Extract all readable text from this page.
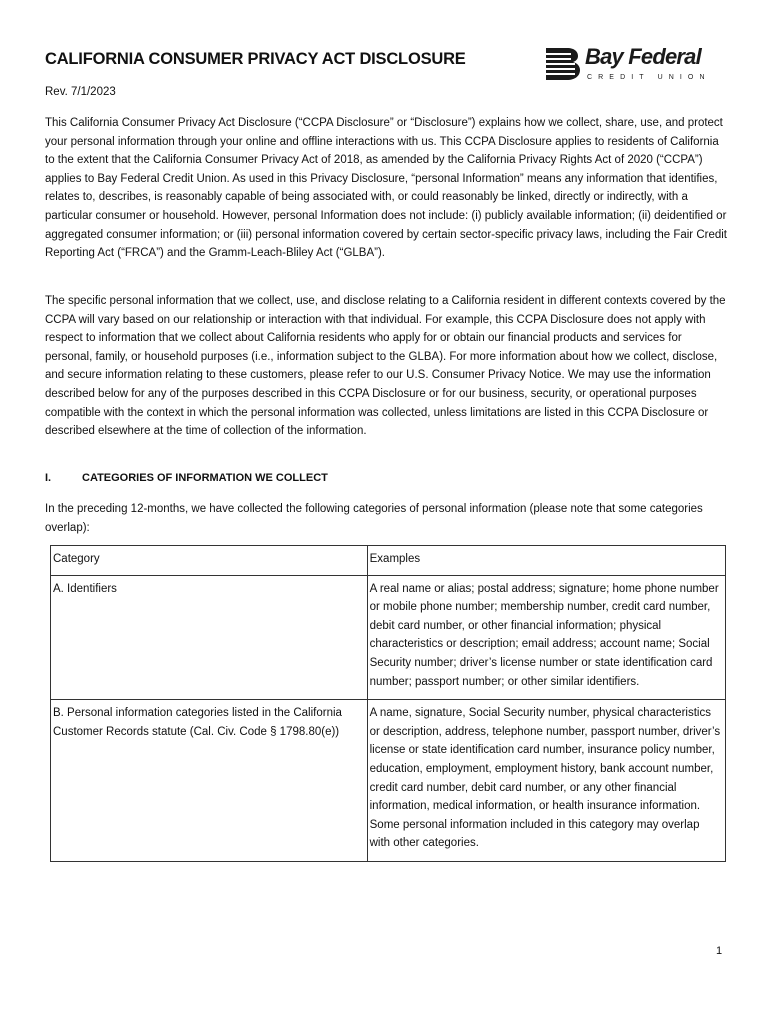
CALIFORNIA CONSUMER PRIVACY ACT DISCLOSURE
Rev. 7/1/2023
Bay Federal
CREDIT UNION

This California Consumer Privacy Act Disclosure (“CCPA Disclosure” or “Disclosure”) explains how we collect, share, use, and protect your personal information through your online and offline interactions with us. This CCPA Disclosure applies to residents of California to the extent that the California Consumer Privacy Act of 2018, as amended by the California Privacy Rights Act of 2020 (“CCPA”) applies to Bay Federal Credit Union. As used in this Privacy Disclosure, “personal Information” means any information that identifies, relates to, describes, is reasonably capable of being associated with, or could reasonably be linked, directly or indirectly, with a particular consumer or household. However, personal Information does not include: (i) publicly available information; (ii) deidentified or aggregated consumer information; or (iii) personal information covered by certain sector-specific privacy laws, including the Fair Credit Reporting Act (“FRCA”) and the Gramm-Leach-Bliley Act (“GLBA”).

The specific personal information that we collect, use, and disclose relating to a California resident in different contexts covered by the CCPA will vary based on our relationship or interaction with that individual. For example, this CCPA Disclosure does not apply with respect to information that we collect about California residents who apply for or obtain our financial products and services for personal, family, or household purposes (i.e., information subject to the GLBA). For more information about how we collect, disclose, and secure information relating to these customers, please refer to our U.S. Consumer Privacy Notice. We may use the information described below for any of the purposes described in this CCPA Disclosure or for our business, security, or operational purposes compatible with the context in which the personal information was collected, unless limitations are listed in this CCPA Disclosure or described elsewhere at the time of collection of the information.

I.	CATEGORIES OF INFORMATION WE COLLECT

In the preceding 12-months, we have collected the following categories of personal information (please note that some categories overlap):

Category	Examples
A. Identifiers	A real name or alias; postal address; signature; home phone number or mobile phone number; membership number, credit card number, debit card number, or other financial information; physical characteristics or description; email address; account name; Social Security number; driver’s license number or state identification card number; passport number; or other similar identifiers.
B. Personal information categories listed in the California Customer Records statute (Cal. Civ. Code § 1798.80(e))	A name, signature, Social Security number, physical characteristics or description, address, telephone number, passport number, driver’s license or state identification card number, insurance policy number, education, employment, employment history, bank account number, credit card number, debit card number, or any other financial information, medical information, or health insurance information. Some personal information included in this category may overlap with other categories.
1
